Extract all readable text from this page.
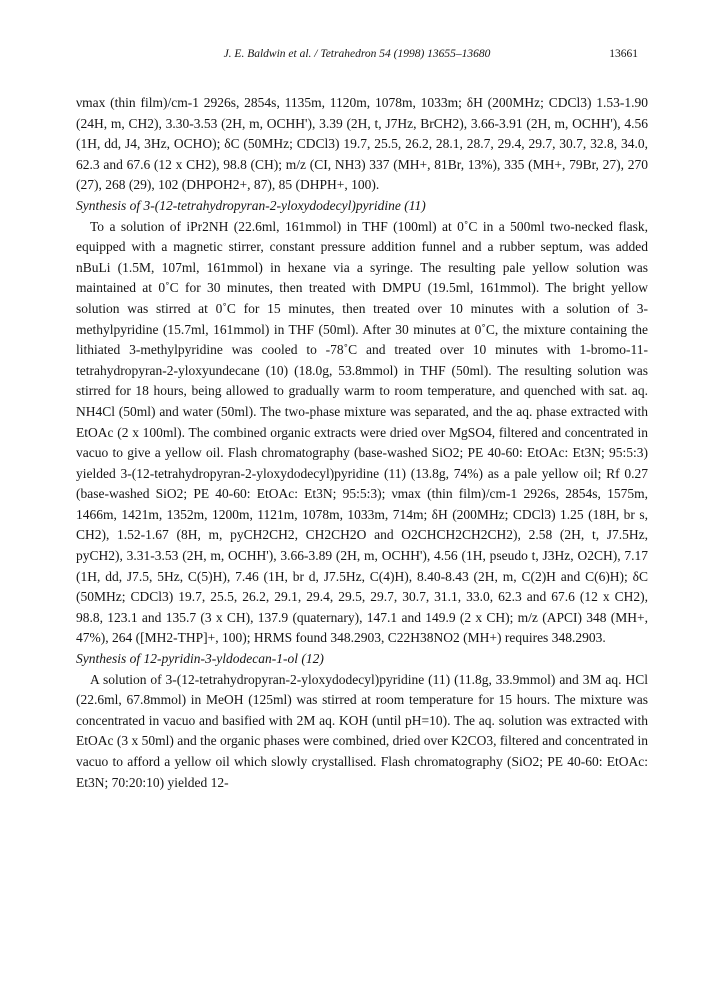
J. E. Baldwin et al. / Tetrahedron 54 (1998) 13655–13680	13661

νmax (thin film)/cm-1 2926s, 2854s, 1135m, 1120m, 1078m, 1033m; δH (200MHz; CDCl3) 1.53-1.90 (24H, m, CH2), 3.30-3.53 (2H, m, OCHH'), 3.39 (2H, t, J7Hz, BrCH2), 3.66-3.91 (2H, m, OCHH'), 4.56 (1H, dd, J4, 3Hz, OCHO); δC (50MHz; CDCl3) 19.7, 25.5, 26.2, 28.1, 28.7, 29.4, 29.7, 30.7, 32.8, 34.0, 62.3 and 67.6 (12 x CH2), 98.8 (CH); m/z (CI, NH3) 337 (MH+, 81Br, 13%), 335 (MH+, 79Br, 27), 270 (27), 268 (29), 102 (DHPOH2+, 87), 85 (DHPH+, 100).

Synthesis of 3-(12-tetrahydropyran-2-yloxydodecyl)pyridine (11)

To a solution of iPr2NH (22.6ml, 161mmol) in THF (100ml) at 0˚C in a 500ml two-necked flask, equipped with a magnetic stirrer, constant pressure addition funnel and a rubber septum, was added nBuLi (1.5M, 107ml, 161mmol) in hexane via a syringe. The resulting pale yellow solution was maintained at 0˚C for 30 minutes, then treated with DMPU (19.5ml, 161mmol). The bright yellow solution was stirred at 0˚C for 15 minutes, then treated over 10 minutes with a solution of 3-methylpyridine (15.7ml, 161mmol) in THF (50ml). After 30 minutes at 0˚C, the mixture containing the lithiated 3-methylpyridine was cooled to -78˚C and treated over 10 minutes with 1-bromo-11-tetrahydropyran-2-yloxyundecane (10) (18.0g, 53.8mmol) in THF (50ml). The resulting solution was stirred for 18 hours, being allowed to gradually warm to room temperature, and quenched with sat. aq. NH4Cl (50ml) and water (50ml). The two-phase mixture was separated, and the aq. phase extracted with EtOAc (2 x 100ml). The combined organic extracts were dried over MgSO4, filtered and concentrated in vacuo to give a yellow oil. Flash chromatography (base-washed SiO2; PE 40-60: EtOAc: Et3N; 95:5:3) yielded 3-(12-tetrahydropyran-2-yloxydodecyl)pyridine (11) (13.8g, 74%) as a pale yellow oil; Rf 0.27 (base-washed SiO2; PE 40-60: EtOAc: Et3N; 95:5:3); νmax (thin film)/cm-1 2926s, 2854s, 1575m, 1466m, 1421m, 1352m, 1200m, 1121m, 1078m, 1033m, 714m; δH (200MHz; CDCl3) 1.25 (18H, br s, CH2), 1.52-1.67 (8H, m, pyCH2CH2, CH2CH2O and O2CHCH2CH2CH2), 2.58 (2H, t, J7.5Hz, pyCH2), 3.31-3.53 (2H, m, OCHH'), 3.66-3.89 (2H, m, OCHH'), 4.56 (1H, pseudo t, J3Hz, O2CH), 7.17 (1H, dd, J7.5, 5Hz, C(5)H), 7.46 (1H, br d, J7.5Hz, C(4)H), 8.40-8.43 (2H, m, C(2)H and C(6)H); δC (50MHz; CDCl3) 19.7, 25.5, 26.2, 29.1, 29.4, 29.5, 29.7, 30.7, 31.1, 33.0, 62.3 and 67.6 (12 x CH2), 98.8, 123.1 and 135.7 (3 x CH), 137.9 (quaternary), 147.1 and 149.9 (2 x CH); m/z (APCI) 348 (MH+, 47%), 264 ([MH2-THP]+, 100); HRMS found 348.2903, C22H38NO2 (MH+) requires 348.2903.

Synthesis of 12-pyridin-3-yldodecan-1-ol (12)

A solution of 3-(12-tetrahydropyran-2-yloxydodecyl)pyridine (11) (11.8g, 33.9mmol) and 3M aq. HCl (22.6ml, 67.8mmol) in MeOH (125ml) was stirred at room temperature for 15 hours. The mixture was concentrated in vacuo and basified with 2M aq. KOH (until pH=10). The aq. solution was extracted with EtOAc (3 x 50ml) and the organic phases were combined, dried over K2CO3, filtered and concentrated in vacuo to afford a yellow oil which slowly crystallised. Flash chromatography (SiO2; PE 40-60: EtOAc: Et3N; 70:20:10) yielded 12-
